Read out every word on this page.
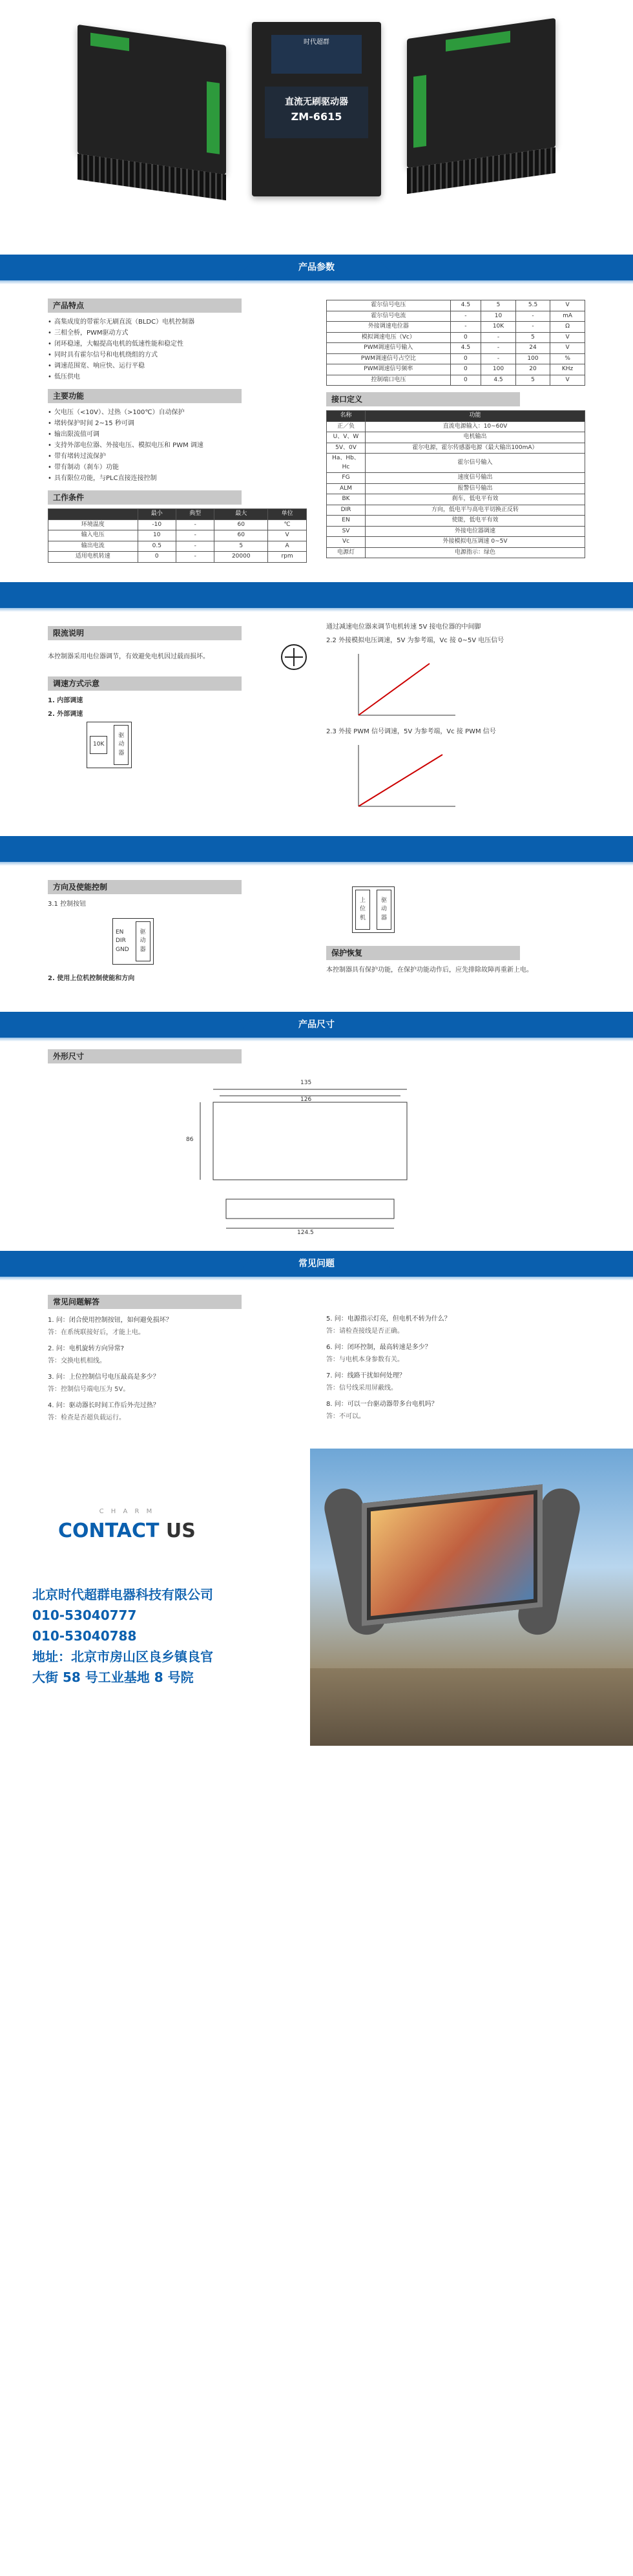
时代超群
直流无刷驱动器
ZM-6615
产品参数
产品特点
• 高集成度的带霍尔无刷直流（BLDC）电机控制器
• 三相全桥，PWM驱动方式
• 闭环稳速，大幅提高电机的低速性能和稳定性
• 同时具有霍尔信号和电机绕组的方式
• 调速范围宽、响应快、运行平稳
• 低压供电
主要功能
• 欠电压（<10V）、过热（>100℃）自动保护
• 堵转保护时间 2~15 秒可调
• 输出限流值可调
• 支持外部电位器、外接电压、模拟电压和 PWM 调速
• 带有堵转过流保护
• 带有制动（刹车）功能
• 具有限位功能，与PLC直接连接控制
工作条件
	最小	典型	最大	单位
环境温度	-10	-	60	℃
输入电压	10	-	60	V
输出电流	0.5	-	5	A
适用电机转速	0	-	20000	rpm
霍尔信号电压	4.5	5	5.5	V
霍尔信号电流	-	10	-	mA
外接调速电位器	-	10K	-	Ω
模拟调速电压（Vc）	0	-	5	V
PWM调速信号输入	4.5	-	24	V
PWM调速信号占空比	0	-	100	%
PWM调速信号频率	0	100	20	KHz
控制端口电压	0	4.5	5	V
接口定义
名称	功能
正／负	直流电源输入：10~60V
U、V、W	电机输出
5V、0V	霍尔电源，霍尔传感器电源（最大输出100mA）
Ha、Hb、Hc	霍尔信号输入
FG	速度信号输出
ALM	报警信号输出
BK	刹车，低电平有效
DIR	方向，低电平与高电平切换正反转
EN	使能，低电平有效
SV	外接电位器调速
Vc	外接模拟电压调速 0~5V
电源灯	电源指示：绿色
限流说明

本控制器采用电位器调节，有效避免电机因过载而损坏。

调速方式示意

1. 内部调速

2. 外部调速

10K
驱
动
器

通过减速电位器来调节电机转速 5V 接电位器的中间脚

2.2 外接模拟电压调速，5V 为参考端，Vc 接 0~5V 电压信号

2.3 外接 PWM 信号调速，5V 为参考端，Vc 接 PWM 信号

方向及使能控制

3.1 控制按钮

EN
DIR
GND
驱
动
器

2. 使用上位机控制使能和方向

上
位
机
驱
动
器
保护恢复

本控制器具有保护功能，在保护功能动作后，应先排除故障再重新上电。

产品尺寸
外形尺寸
135
126
86
124.5
常见问题
常见问题解答

1. 问：闭合使用控制按钮，如何避免损坏？

答：在系统联接好后，才能上电。

2. 问：电机旋转方向异常?

答：交换电机相线。

3. 问：上位控制信号电压最高是多少？

答：控制信号端电压为 5V。

4. 问：驱动器长时间工作后外壳过热？

答：检查是否超负载运行。

5. 问：电源指示灯亮，但电机不转为什么？

答：请检查接线是否正确。

6. 问：闭环控制，最高转速是多少？

答：与电机本身参数有关。

7. 问：线路干扰如何处理？

答：信号线采用屏蔽线。

8. 问：可以一台驱动器带多台电机吗？

答：不可以。

C H A R M
CONTACT US
北京时代超群电器科技有限公司
010-53040777
010-53040788
地址：北京市房山区良乡镇良官
大街 58 号工业基地 8 号院
